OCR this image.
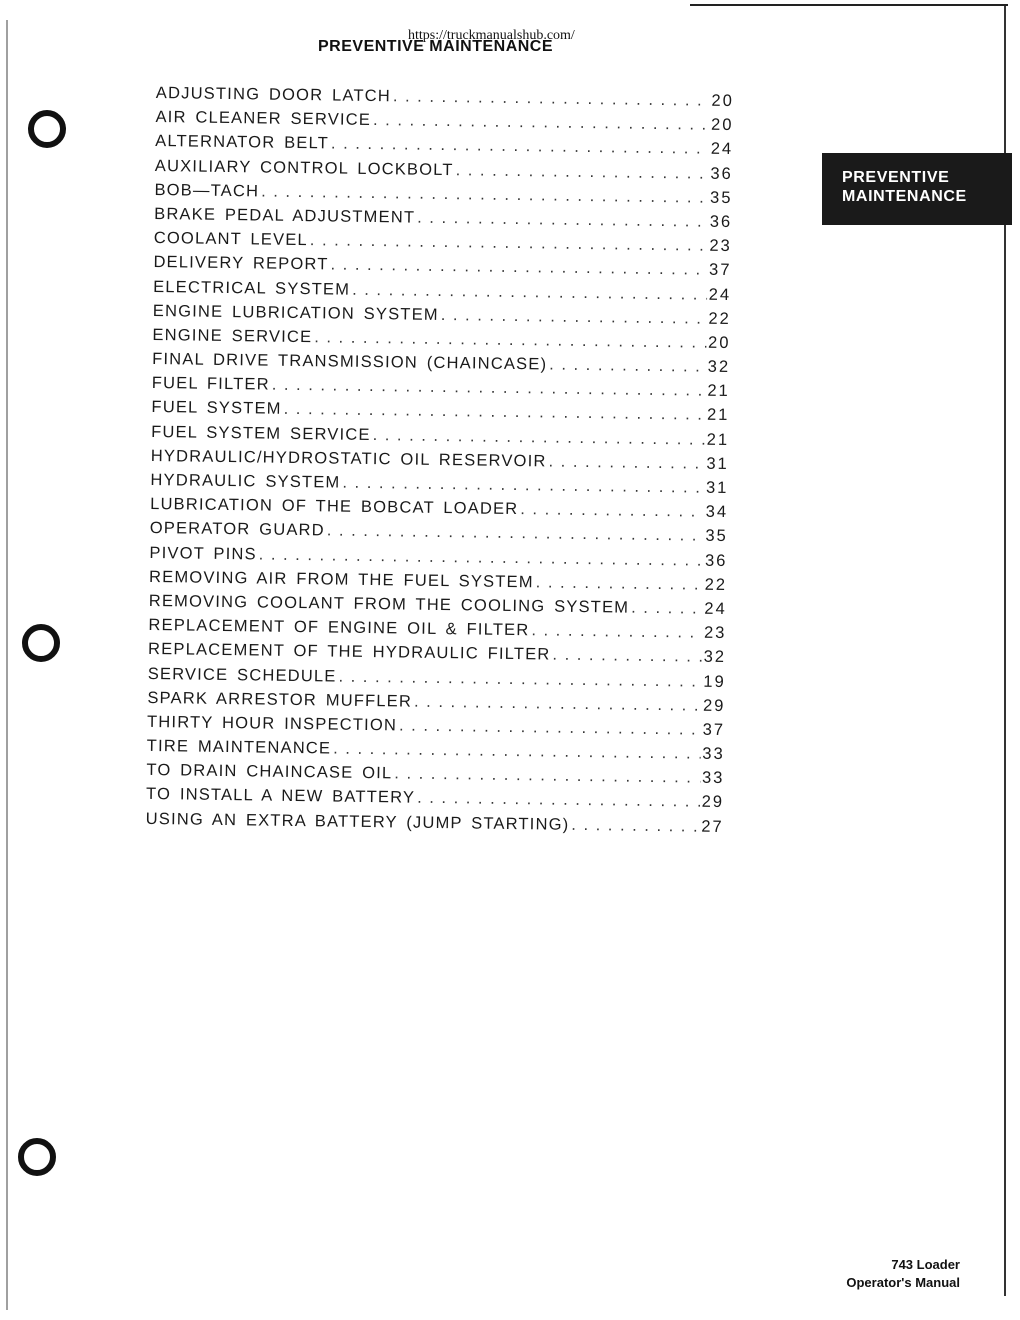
https://truckmanualshub.com/
PREVENTIVE MAINTENANCE
PREVENTIVE
MAINTENANCE
ADJUSTING DOOR LATCH . . .	20
AIR CLEANER SERVICE . . .	20
ALTERNATOR BELT . . .	24
AUXILIARY CONTROL LOCKBOLT . . .	36
BOB—TACH . . .	35
BRAKE PEDAL ADJUSTMENT . . .	36
COOLANT LEVEL . . .	23
DELIVERY REPORT . . .	37
ELECTRICAL SYSTEM . . .	24
ENGINE LUBRICATION SYSTEM . . .	22
ENGINE SERVICE . . .	20
FINAL DRIVE TRANSMISSION (CHAINCASE) . . .	32
FUEL FILTER . . .	21
FUEL SYSTEM . . .	21
FUEL SYSTEM SERVICE . . .	21
HYDRAULIC/HYDROSTATIC OIL RESERVOIR . . .	31
HYDRAULIC SYSTEM . . .	31
LUBRICATION OF THE BOBCAT LOADER . . .	34
OPERATOR GUARD . . .	35
PIVOT PINS . . .	36
REMOVING AIR FROM THE FUEL SYSTEM . . .	22
REMOVING COOLANT FROM THE COOLING SYSTEM . . .	24
REPLACEMENT OF ENGINE OIL & FILTER . . .	23
REPLACEMENT OF THE HYDRAULIC FILTER . . .	32
SERVICE SCHEDULE . . .	19
SPARK ARRESTOR MUFFLER . . .	29
THIRTY HOUR INSPECTION . . .	37
TIRE MAINTENANCE . . .	33
TO DRAIN CHAINCASE OIL . . .	33
TO INSTALL A NEW BATTERY . . .	29
USING AN EXTRA BATTERY (JUMP STARTING) . . .	27
743 Loader
Operator's Manual
